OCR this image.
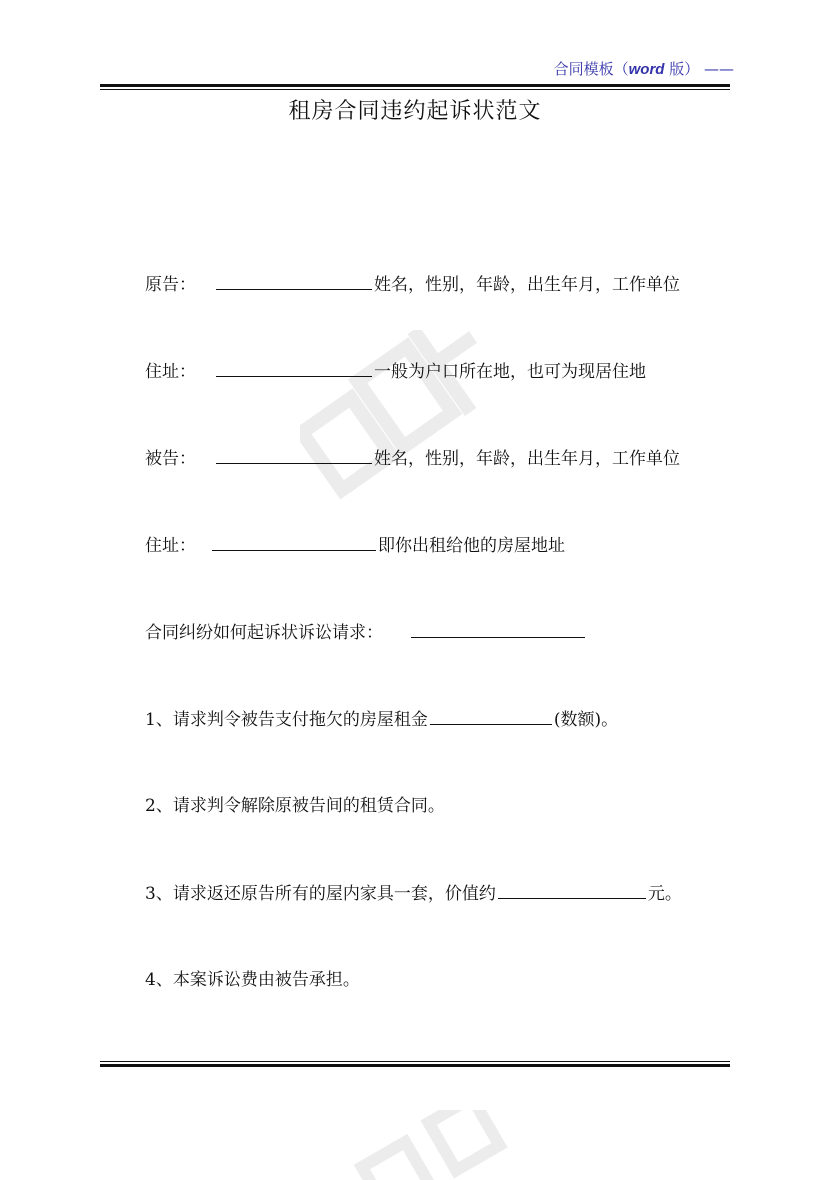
合同模板（word 版） ——
租房合同违约起诉状范文
原告：	姓名，性别，年龄，出生年月，工作单位
住址：	一般为户口所在地，也可为现居住地
被告：	姓名，性别，年龄，出生年月，工作单位
住址：	即你出租给他的房屋地址
合同纠纷如何起诉状诉讼请求：
1、请求判令被告支付拖欠的房屋租金	(数额)。
2、请求判令解除原被告间的租赁合同。
3、请求返还原告所有的屋内家具一套，价值约	元。
4、本案诉讼费由被告承担。
